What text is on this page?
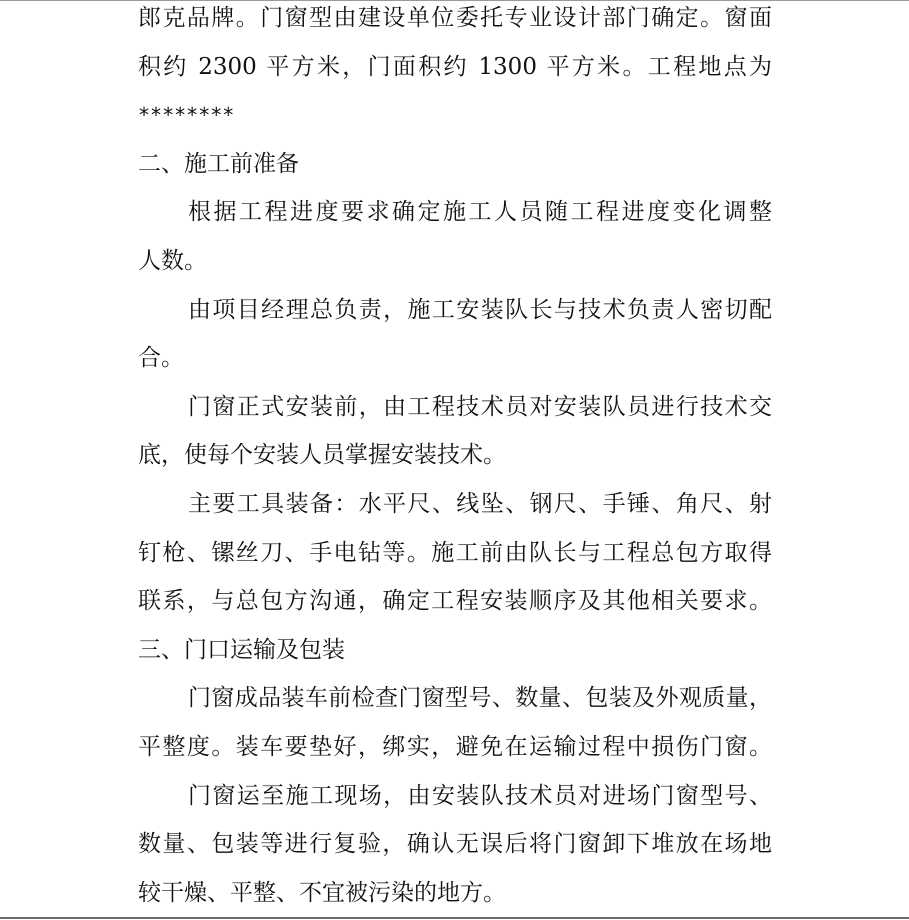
郎克品牌。门窗型由建设单位委托专业设计部门确定。窗面
积约 2300 平方米，门面积约 1300 平方米。工程地点为
********
二、施工前准备
根据工程进度要求确定施工人员随工程进度变化调整
人数。
由项目经理总负责，施工安装队长与技术负责人密切配
合。
门窗正式安装前，由工程技术员对安装队员进行技术交
底，使每个安装人员掌握安装技术。
主要工具装备：水平尺、线坠、钢尺、手锤、角尺、射
钉枪、镙丝刀、手电钻等。施工前由队长与工程总包方取得
联系，与总包方沟通，确定工程安装顺序及其他相关要求。
三、门口运输及包装
门窗成品装车前检查门窗型号、数量、包装及外观质量，
平整度。装车要垫好，绑实，避免在运输过程中损伤门窗。
门窗运至施工现场，由安装队技术员对进场门窗型号、
数量、包装等进行复验，确认无误后将门窗卸下堆放在场地
较干燥、平整、不宜被污染的地方。
